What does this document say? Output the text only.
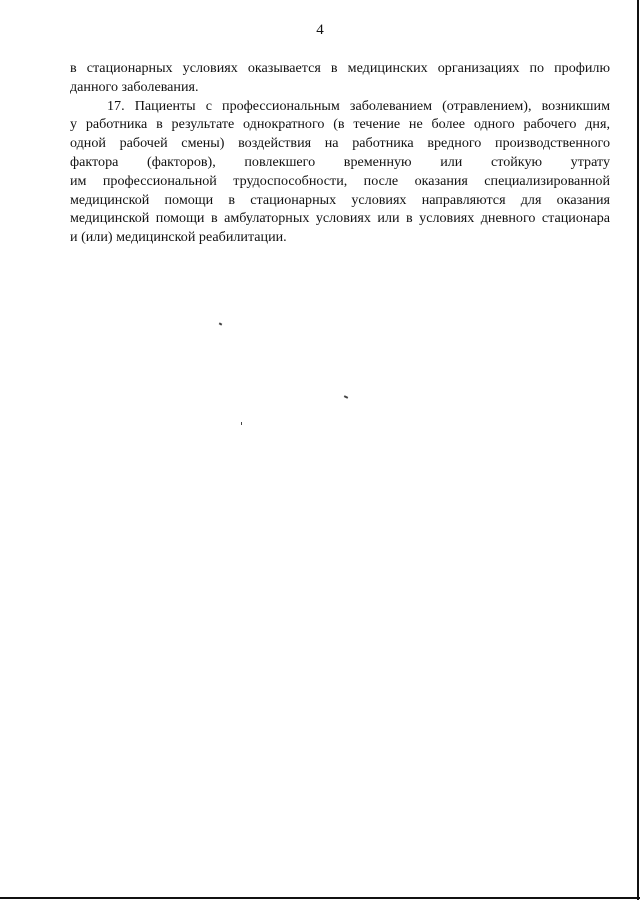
4
в стационарных условиях оказывается в медицинских организациях по профилю
данного заболевания.
17. Пациенты с профессиональным заболеванием (отравлением), возникшим
у работника в результате однократного (в течение не более одного рабочего дня,
одной рабочей смены) воздействия на работника вредного производственного
фактора (факторов), повлекшего временную или стойкую утрату
им профессиональной трудоспособности, после оказания специализированной
медицинской помощи в стационарных условиях направляются для оказания
медицинской помощи в амбулаторных условиях или в условиях дневного стационара
и (или) медицинской реабилитации.
